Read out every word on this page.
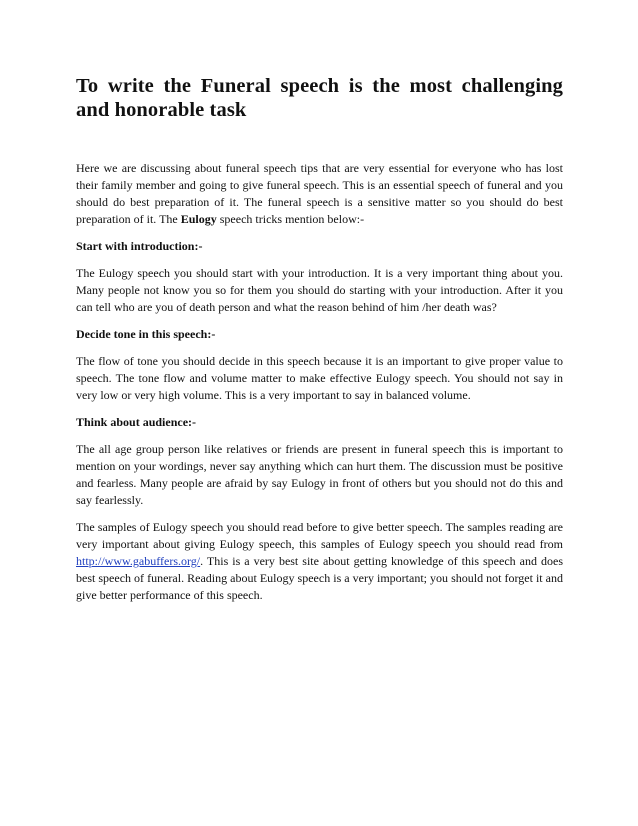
To write the Funeral speech is the most challenging and honorable task

Here we are discussing about funeral speech tips that are very essential for everyone who has lost their family member and going to give funeral speech. This is an essential speech of funeral and you should do best preparation of it. The funeral speech is a sensitive matter so you should do best preparation of it. The Eulogy speech tricks mention below:-

Start with introduction:-

The Eulogy speech you should start with your introduction. It is a very important thing about you. Many people not know you so for them you should do starting with your introduction. After it you can tell who are you of death person and what the reason behind of him /her death was?

Decide tone in this speech:-

The flow of tone you should decide in this speech because it is an important to give proper value to speech. The tone flow and volume matter to make effective Eulogy speech. You should not say in very low or very high volume. This is a very important to say in balanced volume.

Think about audience:-

The all age group person like relatives or friends are present in funeral speech this is important to mention on your wordings, never say anything which can hurt them. The discussion must be positive and fearless. Many people are afraid by say Eulogy in front of others but you should not do this and say fearlessly.

The samples of Eulogy speech you should read before to give better speech. The samples reading are very important about giving Eulogy speech, this samples of Eulogy speech you should read from http://www.gabuffers.org/. This is a very best site about getting knowledge of this speech and does best speech of funeral. Reading about Eulogy speech is a very important; you should not forget it and give better performance of this speech.
